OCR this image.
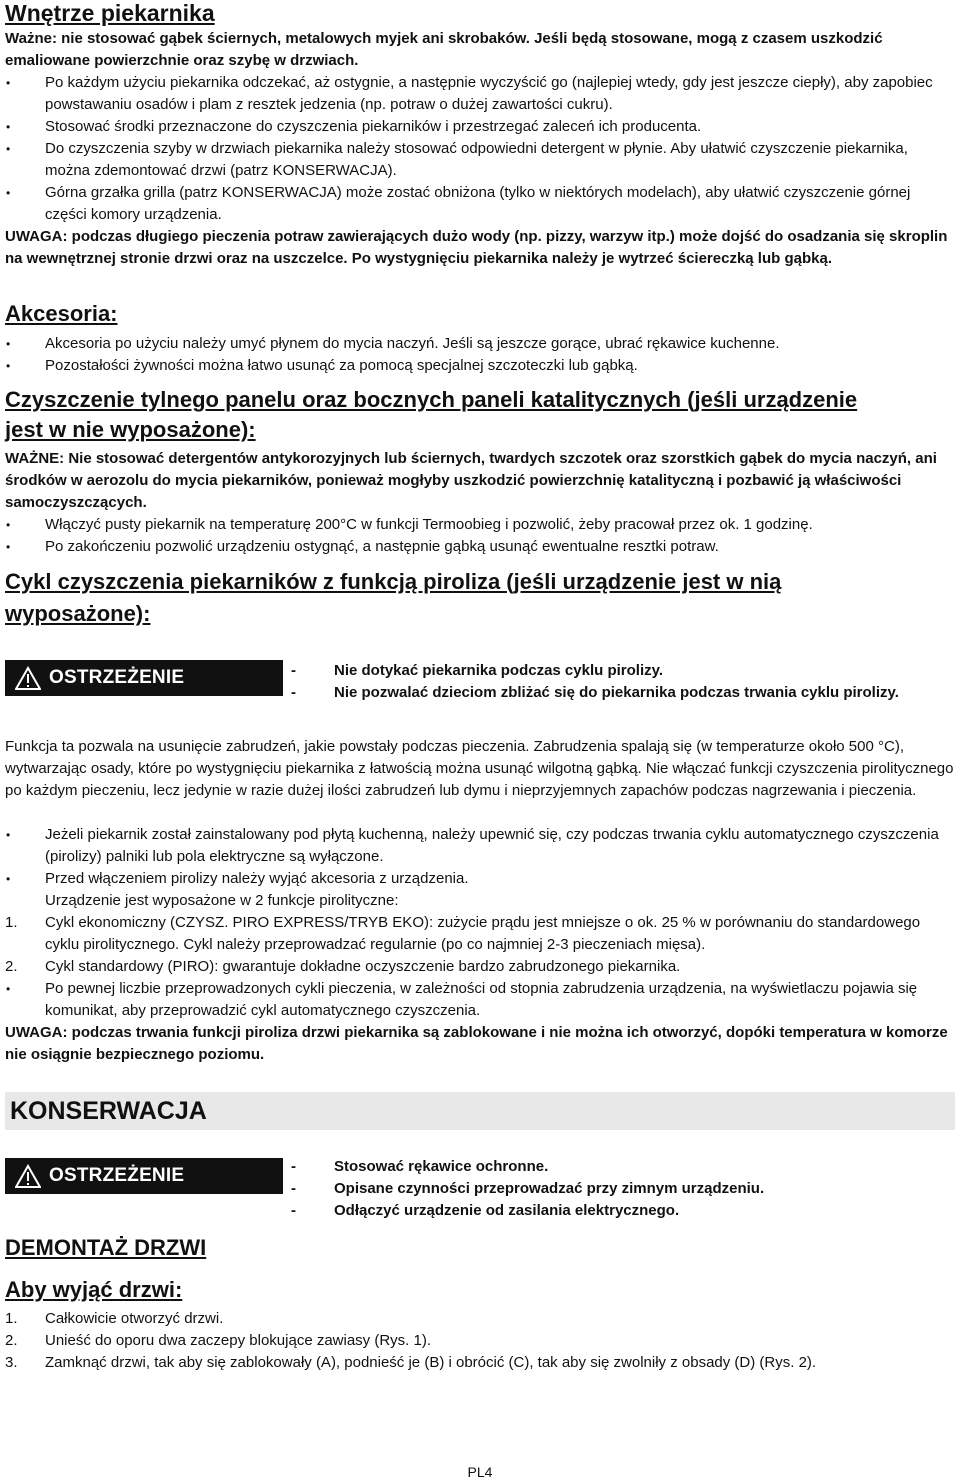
Wnętrze piekarnika
Ważne: nie stosować gąbek ściernych, metalowych myjek ani skrobaków. Jeśli będą stosowane, mogą z czasem uszkodzić emaliowane powierzchnie oraz szybę w drzwiach.
• Po każdym użyciu piekarnika odczekać, aż ostygnie, a następnie wyczyścić go (najlepiej wtedy, gdy jest jeszcze ciepły), aby zapobiec powstawaniu osadów i plam z resztek jedzenia (np. potraw o dużej zawartości cukru).
• Stosować środki przeznaczone do czyszczenia piekarników i przestrzegać zaleceń ich producenta.
• Do czyszczenia szyby w drzwiach piekarnika należy stosować odpowiedni detergent w płynie. Aby ułatwić czyszczenie piekarnika, można zdemontować drzwi (patrz KONSERWACJA).
• Górna grzałka grilla (patrz KONSERWACJA) może zostać obniżona (tylko w niektórych modelach), aby ułatwić czyszczenie górnej części komory urządzenia.
UWAGA: podczas długiego pieczenia potraw zawierających dużo wody (np. pizzy, warzyw itp.) może dojść do osadzania się skroplin na wewnętrznej stronie drzwi oraz na uszczelce. Po wystygnięciu piekarnika należy je wytrzeć ściereczką lub gąbką.
Akcesoria:
• Akcesoria po użyciu należy umyć płynem do mycia naczyń. Jeśli są jeszcze gorące, ubrać rękawice kuchenne.
• Pozostałości żywności można łatwo usunąć za pomocą specjalnej szczoteczki lub gąbką.
Czyszczenie tylnego panelu oraz bocznych paneli katalitycznych (jeśli urządzenie
jest w nie wyposażone):
WAŻNE: Nie stosować detergentów antykorozyjnych lub ściernych, twardych szczotek oraz szorstkich gąbek do mycia naczyń, ani środków w aerozolu do mycia piekarników, ponieważ mogłyby uszkodzić powierzchnię katalityczną i pozbawić ją właściwości samoczyszczących.
• Włączyć pusty piekarnik na temperaturę 200°C w funkcji Termoobieg i pozwolić, żeby pracował przez ok. 1 godzinę.
• Po zakończeniu pozwolić urządzeniu ostygnąć, a następnie gąbką usunąć ewentualne resztki potraw.
Cykl czyszczenia piekarników z funkcją piroliza (jeśli urządzenie jest w nią
wyposażone):
OSTRZEŻENIE	- Nie dotykać piekarnika podczas cyklu pirolizy.
- Nie pozwalać dzieciom zbliżać się do piekarnika podczas trwania cyklu pirolizy.
Funkcja ta pozwala na usunięcie zabrudzeń, jakie powstały podczas pieczenia. Zabrudzenia spalają się (w temperaturze około 500 °C), wytwarzając osady, które po wystygnięciu piekarnika z łatwością można usunąć wilgotną gąbką. Nie włączać funkcji czyszczenia pirolitycznego po każdym pieczeniu, lecz jedynie w razie dużej ilości zabrudzeń lub dymu i nieprzyjemnych zapachów podczas nagrzewania i pieczenia.
• Jeżeli piekarnik został zainstalowany pod płytą kuchenną, należy upewnić się, czy podczas trwania cyklu automatycznego czyszczenia (pirolizy) palniki lub pola elektryczne są wyłączone.
• Przed włączeniem pirolizy należy wyjąć akcesoria z urządzenia.
Urządzenie jest wyposażone w 2 funkcje pirolityczne:
1. Cykl ekonomiczny (CZYSZ. PIRO EXPRESS/TRYB EKO): zużycie prądu jest mniejsze o ok. 25 % w porównaniu do standardowego cyklu pirolitycznego. Cykl należy przeprowadzać regularnie (po co najmniej 2-3 pieczeniach mięsa).
2. Cykl standardowy (PIRO): gwarantuje dokładne oczyszczenie bardzo zabrudzonego piekarnika.
• Po pewnej liczbie przeprowadzonych cykli pieczenia, w zależności od stopnia zabrudzenia urządzenia, na wyświetlaczu pojawia się komunikat, aby przeprowadzić cykl automatycznego czyszczenia.
UWAGA: podczas trwania funkcji piroliza drzwi piekarnika są zablokowane i nie można ich otworzyć, dopóki temperatura w komorze nie osiągnie bezpiecznego poziomu.
KONSERWACJA
OSTRZEŻENIE	- Stosować rękawice ochronne.
- Opisane czynności przeprowadzać przy zimnym urządzeniu.
- Odłączyć urządzenie od zasilania elektrycznego.
DEMONTAŻ DRZWI
Aby wyjąć drzwi:
1. Całkowicie otworzyć drzwi.
2. Unieść do oporu dwa zaczepy blokujące zawiasy (Rys. 1).
3. Zamknąć drzwi, tak aby się zablokowały (A), podnieść je (B) i obrócić (C), tak aby się zwolniły z obsady (D) (Rys. 2).
PL4
